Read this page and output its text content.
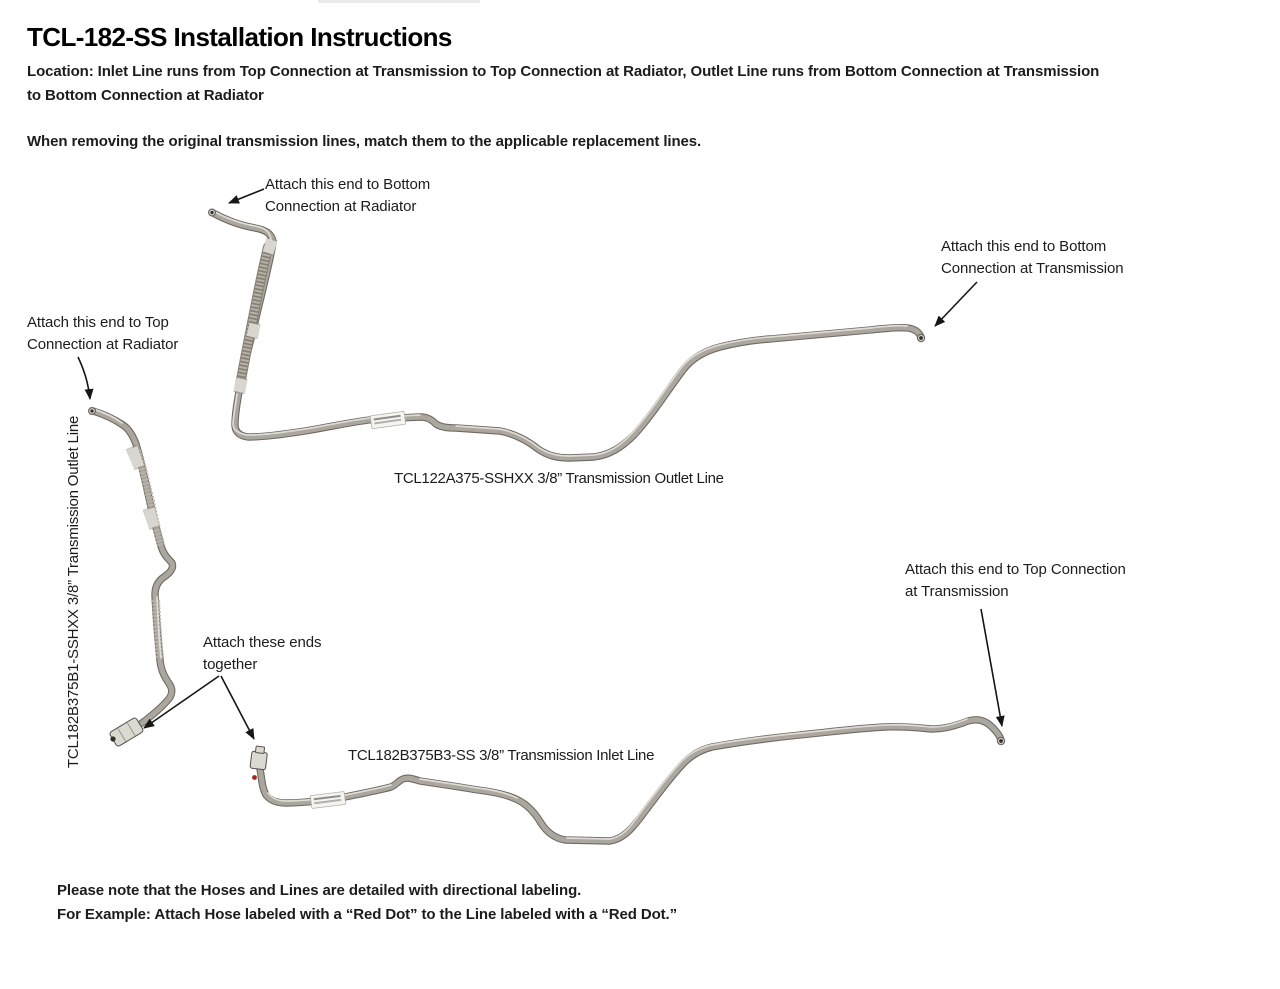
TCL-182-SS Installation Instructions
Location: Inlet Line runs from Top Connection at Transmission to Top Connection at Radiator, Outlet Line runs from Bottom Connection at Transmission
to Bottom Connection at Radiator
When removing the original transmission lines, match them to the applicable replacement lines.
Attach this end to Bottom
Connection at Radiator
Attach this end to Bottom
Connection at Transmission
Attach this end to Top
Connection at Radiator
Attach this end to Top Connection
at Transmission
Attach these ends
together
TCL122A375-SSHXX 3/8” Transmission Outlet Line
TCL182B375B3-SS 3/8” Transmission Inlet Line
TCL182B375B1-SSHXX 3/8” Transmission Outlet Line
Please note that the Hoses and Lines are detailed with directional labeling.
For Example: Attach Hose labeled with a “Red Dot” to the Line labeled with a “Red Dot.”
